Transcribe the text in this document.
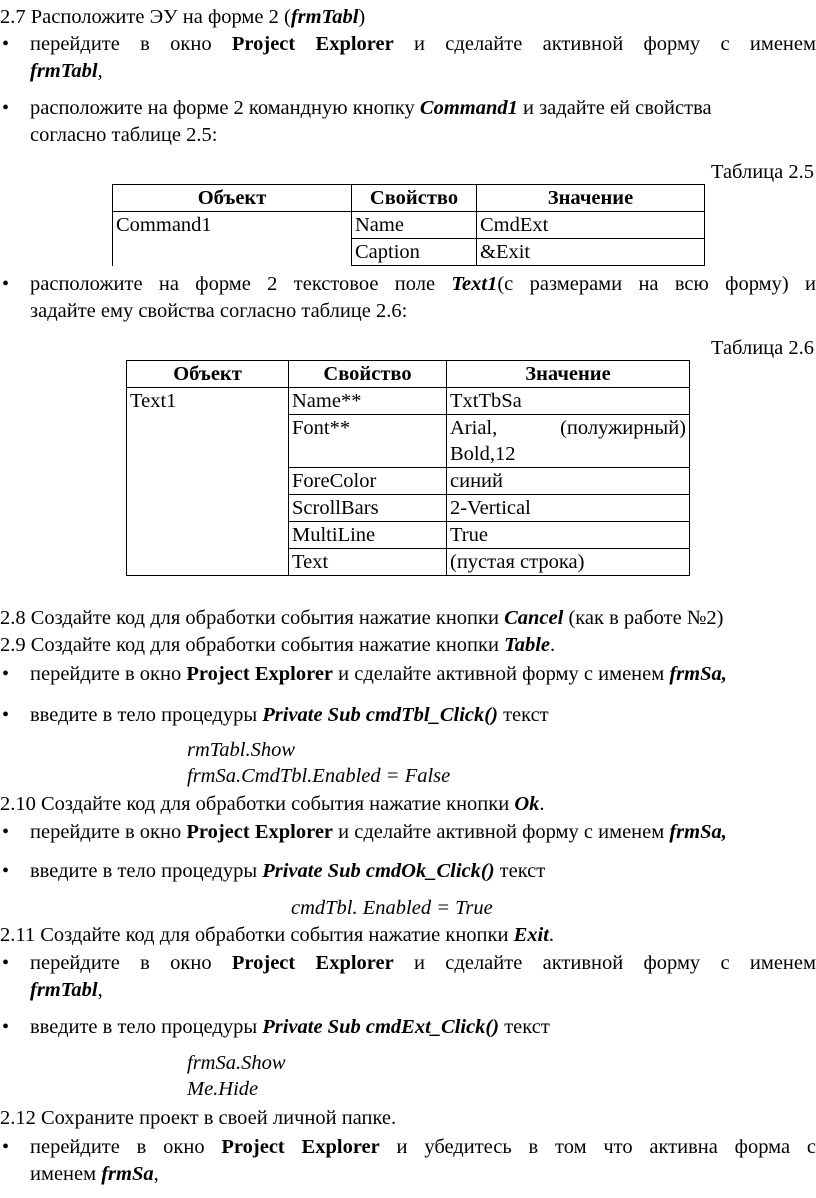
2.7 Расположите ЭУ на форме 2 (frmTabl)
•
перейдите в окно Project Explorer и сделайте активной форму с именем
frmTabl,
•
расположите на форме 2 командную кнопку Command1 и задайте ей свойства
согласно таблице 2.5:
Таблица 2.5
Объект	Свойство	Значение
Command1	Name	CmdExt
	Caption	&Exit
•
расположите на форме 2 текстовое поле Text1(с размерами на всю форму) и
задайте ему свойства согласно таблице 2.6:
Таблица 2.6
Объект	Свойство	Значение
Text1	Name**	TxtTbSa
	Font**	Arial, (полужирный)
Bold,12

	ForeColor	синий
	ScrollBars	2-Vertical
	MultiLine	True
	Text	(пустая строка)
2.8 Создайте код для обработки события нажатие кнопки Cancel (как в работе №2)
2.9 Создайте код для обработки события нажатие кнопки Table.
•
перейдите в окно Project Explorer и сделайте активной форму с именем frmSa,
•
введите в тело процедуры Private Sub cmdTbl_Click() текст
rmTabl.Show
frmSa.CmdTbl.Enabled = False
2.10 Создайте код для обработки события нажатие кнопки Ok.
•
перейдите в окно Project Explorer и сделайте активной форму с именем frmSa,
•
введите в тело процедуры Private Sub cmdOk_Click() текст
cmdTbl. Enabled = True
2.11 Создайте код для обработки события нажатие кнопки Exit.
•
перейдите в окно Project Explorer и сделайте активной форму с именем
frmTabl,
•
введите в тело процедуры Private Sub cmdExt_Click() текст
frmSa.Show
Me.Hide
2.12 Сохраните проект в своей личной папке.
•
перейдите в окно Project Explorer и убедитесь в том что активна форма с
именем frmSa,
